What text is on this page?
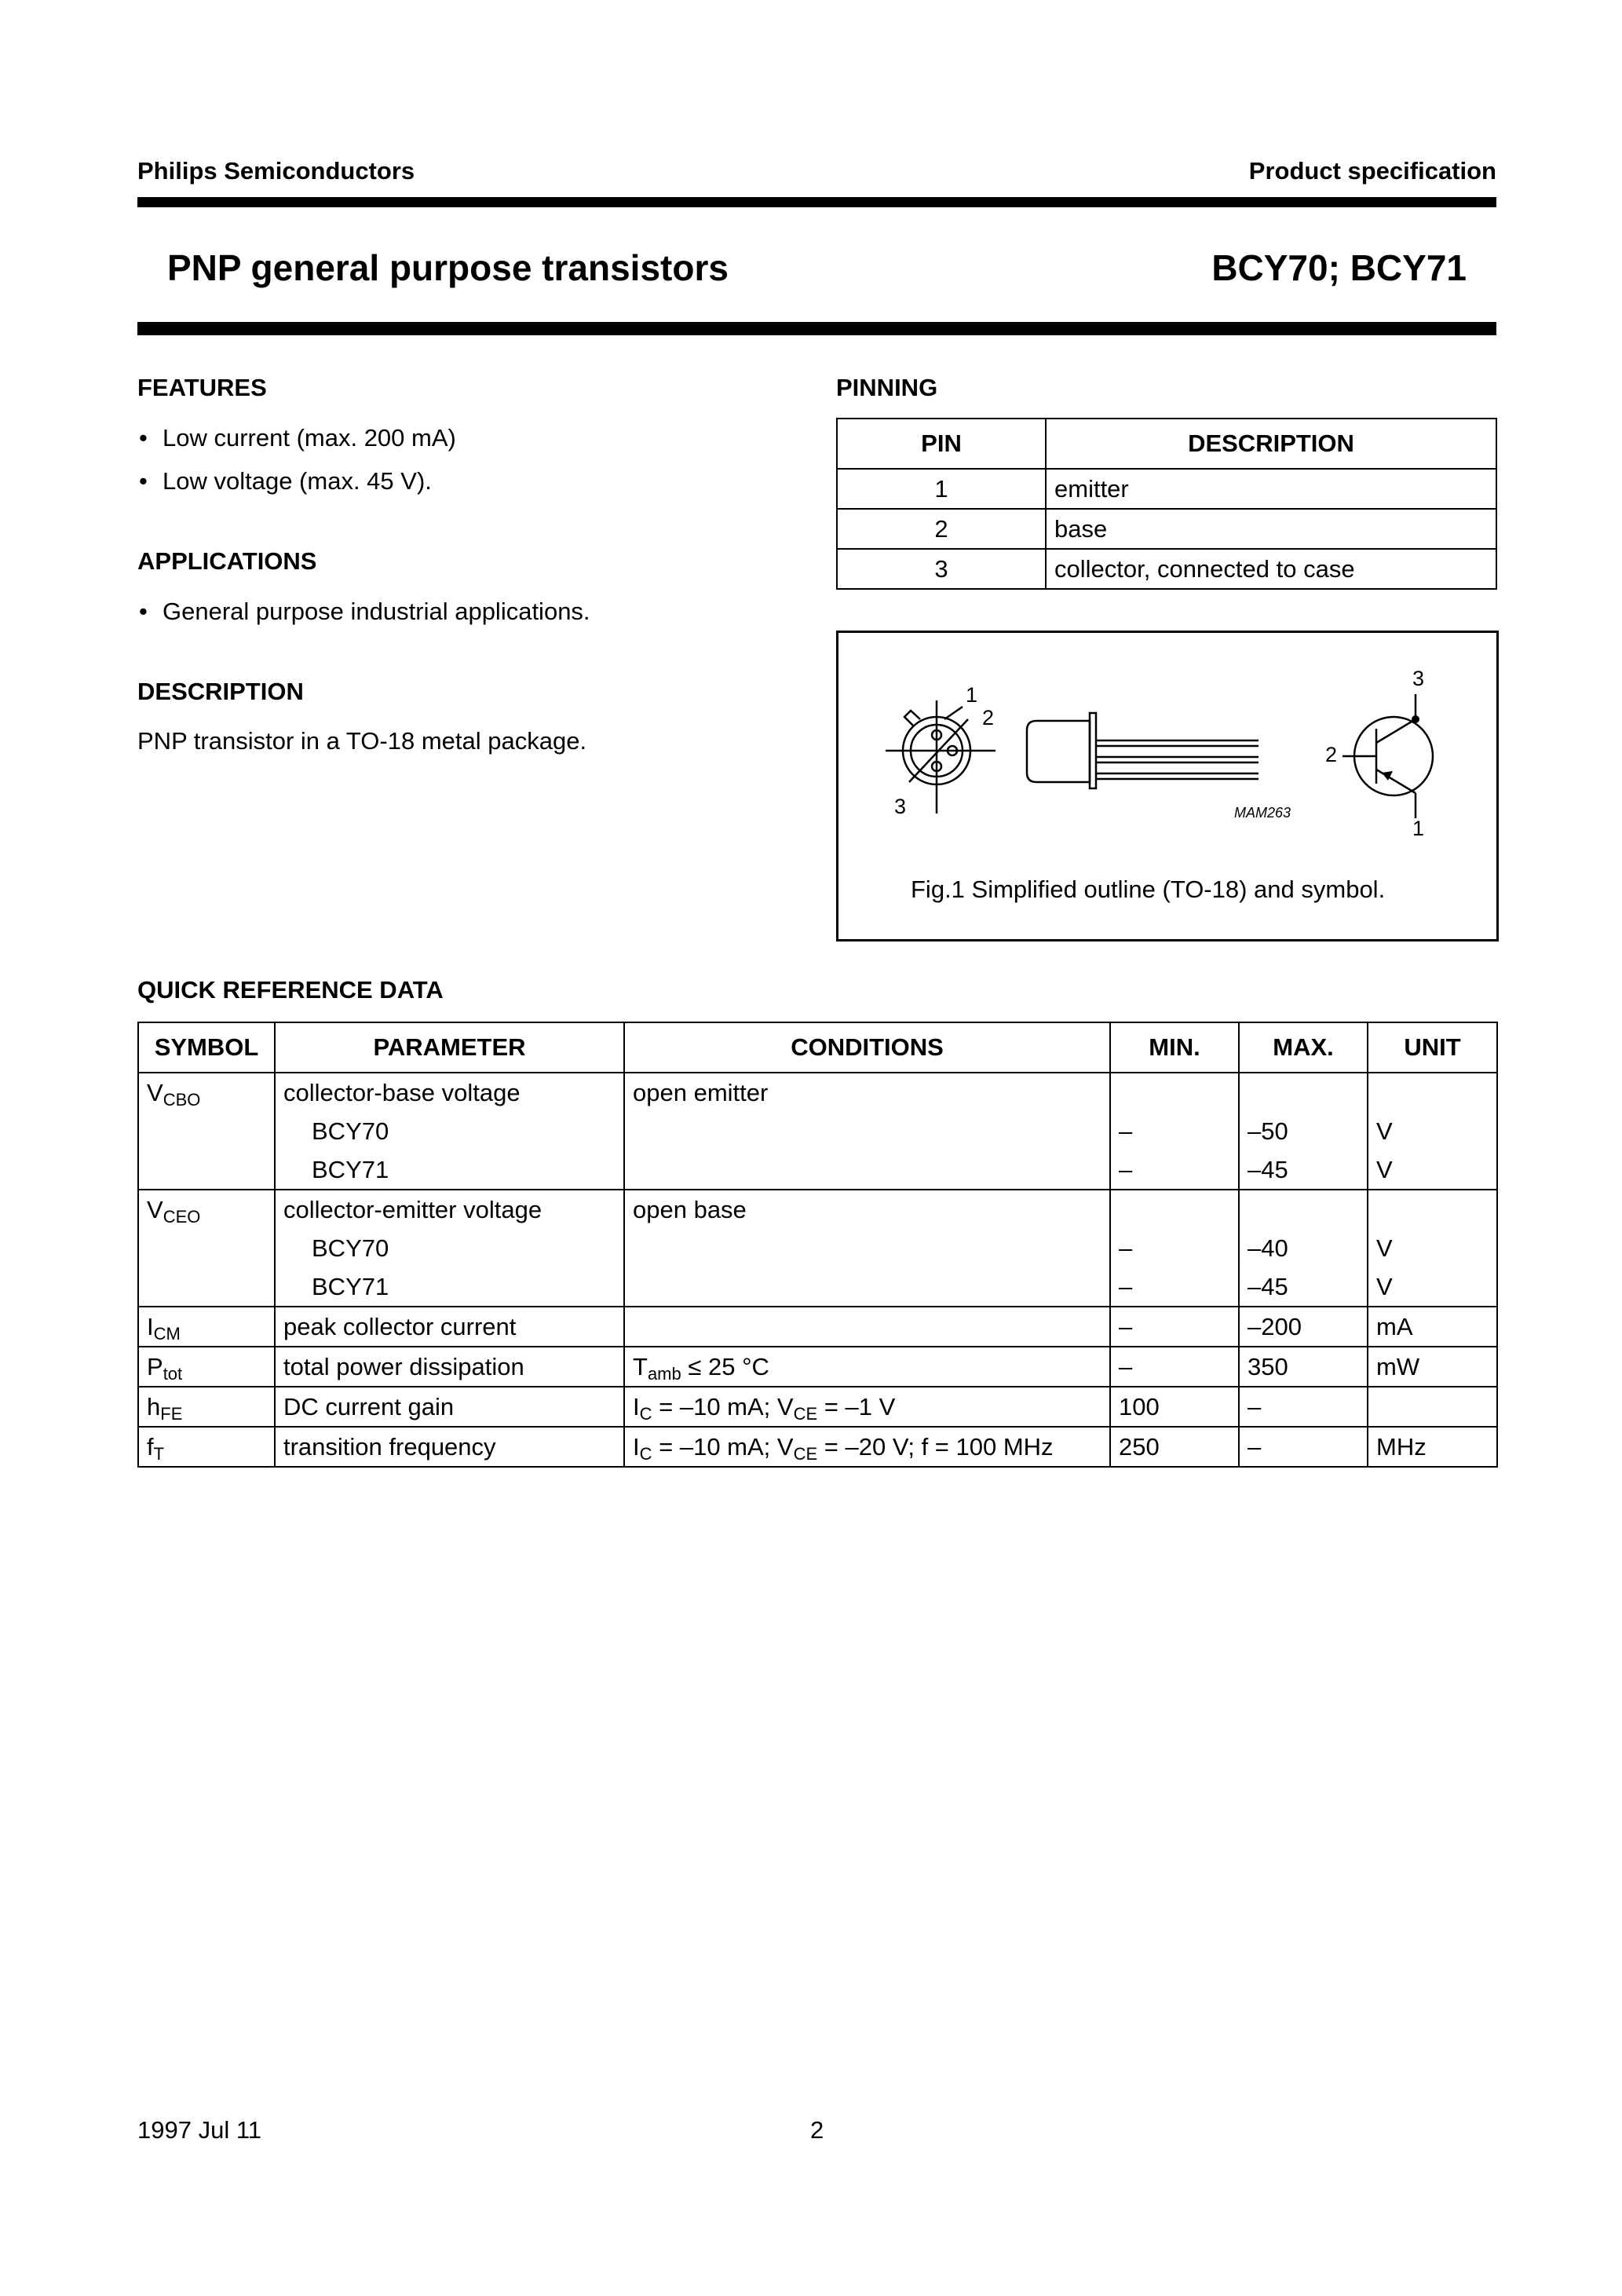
Philips Semiconductors	Product specification
PNP general purpose transistors	BCY70; BCY71
FEATURES
• Low current (max. 200 mA)
• Low voltage (max. 45 V).
APPLICATIONS
• General purpose industrial applications.
DESCRIPTION
PNP transistor in a TO-18 metal package.
PINNING
PIN	DESCRIPTION
1	emitter
2	base
3	collector, connected to case
1
2
3
3
2
1
MAM263
Fig.1 Simplified outline (TO-18) and symbol.
QUICK REFERENCE DATA
SYMBOL	PARAMETER	CONDITIONS	MIN.	MAX.	UNIT
$V_{CBO}$	collector-base voltage	open emitter			
	BCY70		–	–50	V
	BCY71		–	–45	V
$V_{CEO}$	collector-emitter voltage	open base			
	BCY70		–	–40	V
	BCY71		–	–45	V
$I_{CM}$	peak collector current		–	–200	mA
$P_{tot}$	total power dissipation	$T_{amb} \le 25$ °C	–	350	mW
$h_{FE}$	DC current gain	$I_C = -10$ mA; $V_{CE} = -1$ V	100	–	
$f_T$	transition frequency	$I_C = -10$ mA; $V_{CE} = -20$ V; f = 100 MHz	250	–	MHz
1997 Jul 11	2
